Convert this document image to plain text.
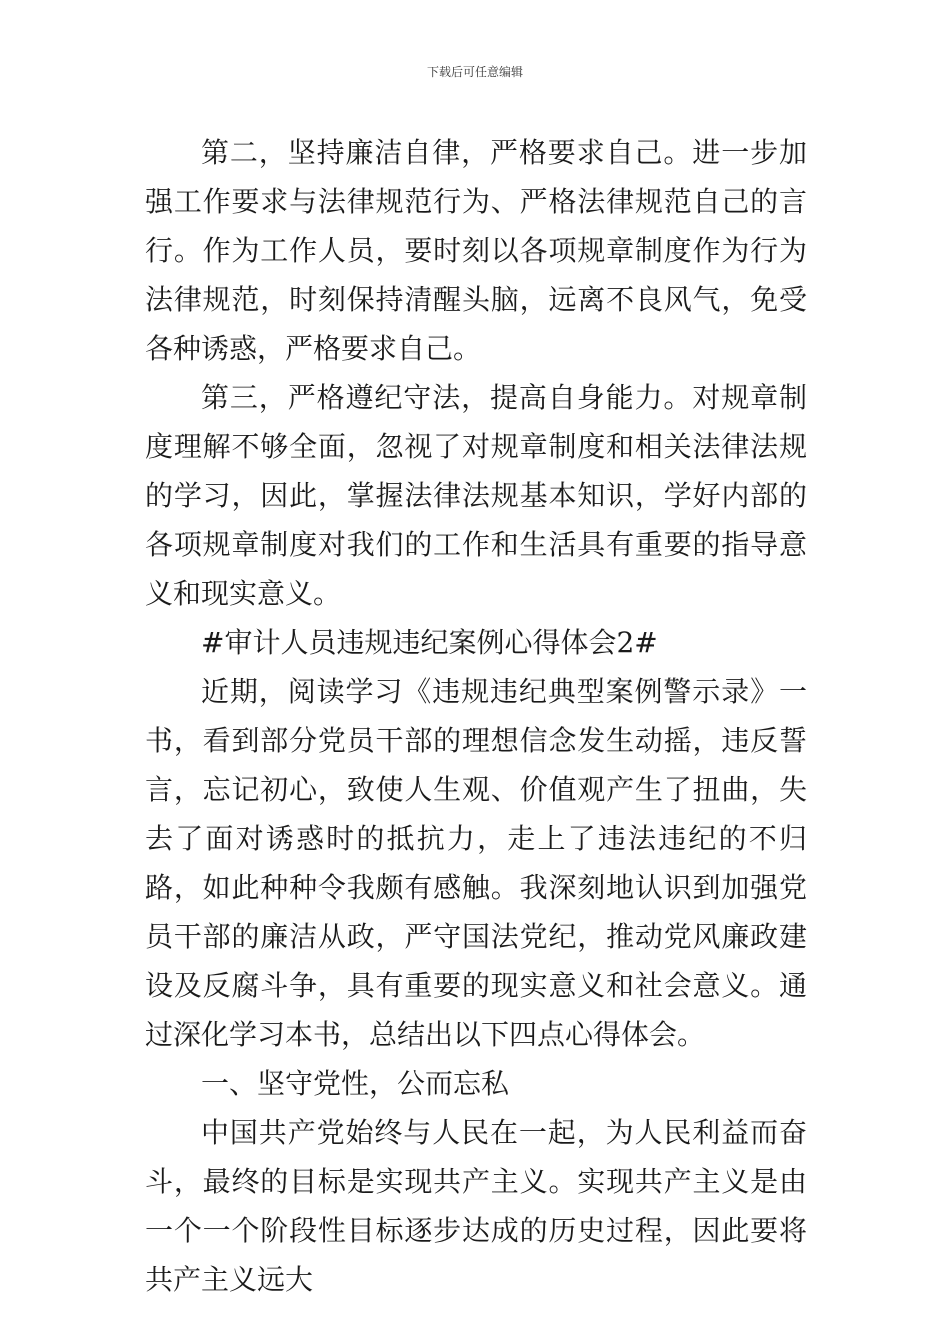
下载后可任意编辑

第二，坚持廉洁自律，严格要求自己。进一步加强工作要求与法律规范行为、严格法律规范自己的言行。作为工作人员，要时刻以各项规章制度作为行为法律规范，时刻保持清醒头脑，远离不良风气，免受各种诱惑，严格要求自己。

第三，严格遵纪守法，提高自身能力。对规章制度理解不够全面，忽视了对规章制度和相关法律法规的学习，因此，掌握法律法规基本知识，学好内部的各项规章制度对我们的工作和生活具有重要的指导意义和现实意义。

#审计人员违规违纪案例心得体会2#

近期，阅读学习《违规违纪典型案例警示录》一书，看到部分党员干部的理想信念发生动摇，违反誓言，忘记初心，致使人生观、价值观产生了扭曲，失去了面对诱惑时的抵抗力，走上了违法违纪的不归路，如此种种令我颇有感触。我深刻地认识到加强党员干部的廉洁从政，严守国法党纪，推动党风廉政建设及反腐斗争，具有重要的现实意义和社会意义。通过深化学习本书，总结出以下四点心得体会。

一、坚守党性，公而忘私

中国共产党始终与人民在一起，为人民利益而奋斗，最终的目标是实现共产主义。实现共产主义是由一个一个阶段性目标逐步达成的历史过程，因此要将共产主义远大
